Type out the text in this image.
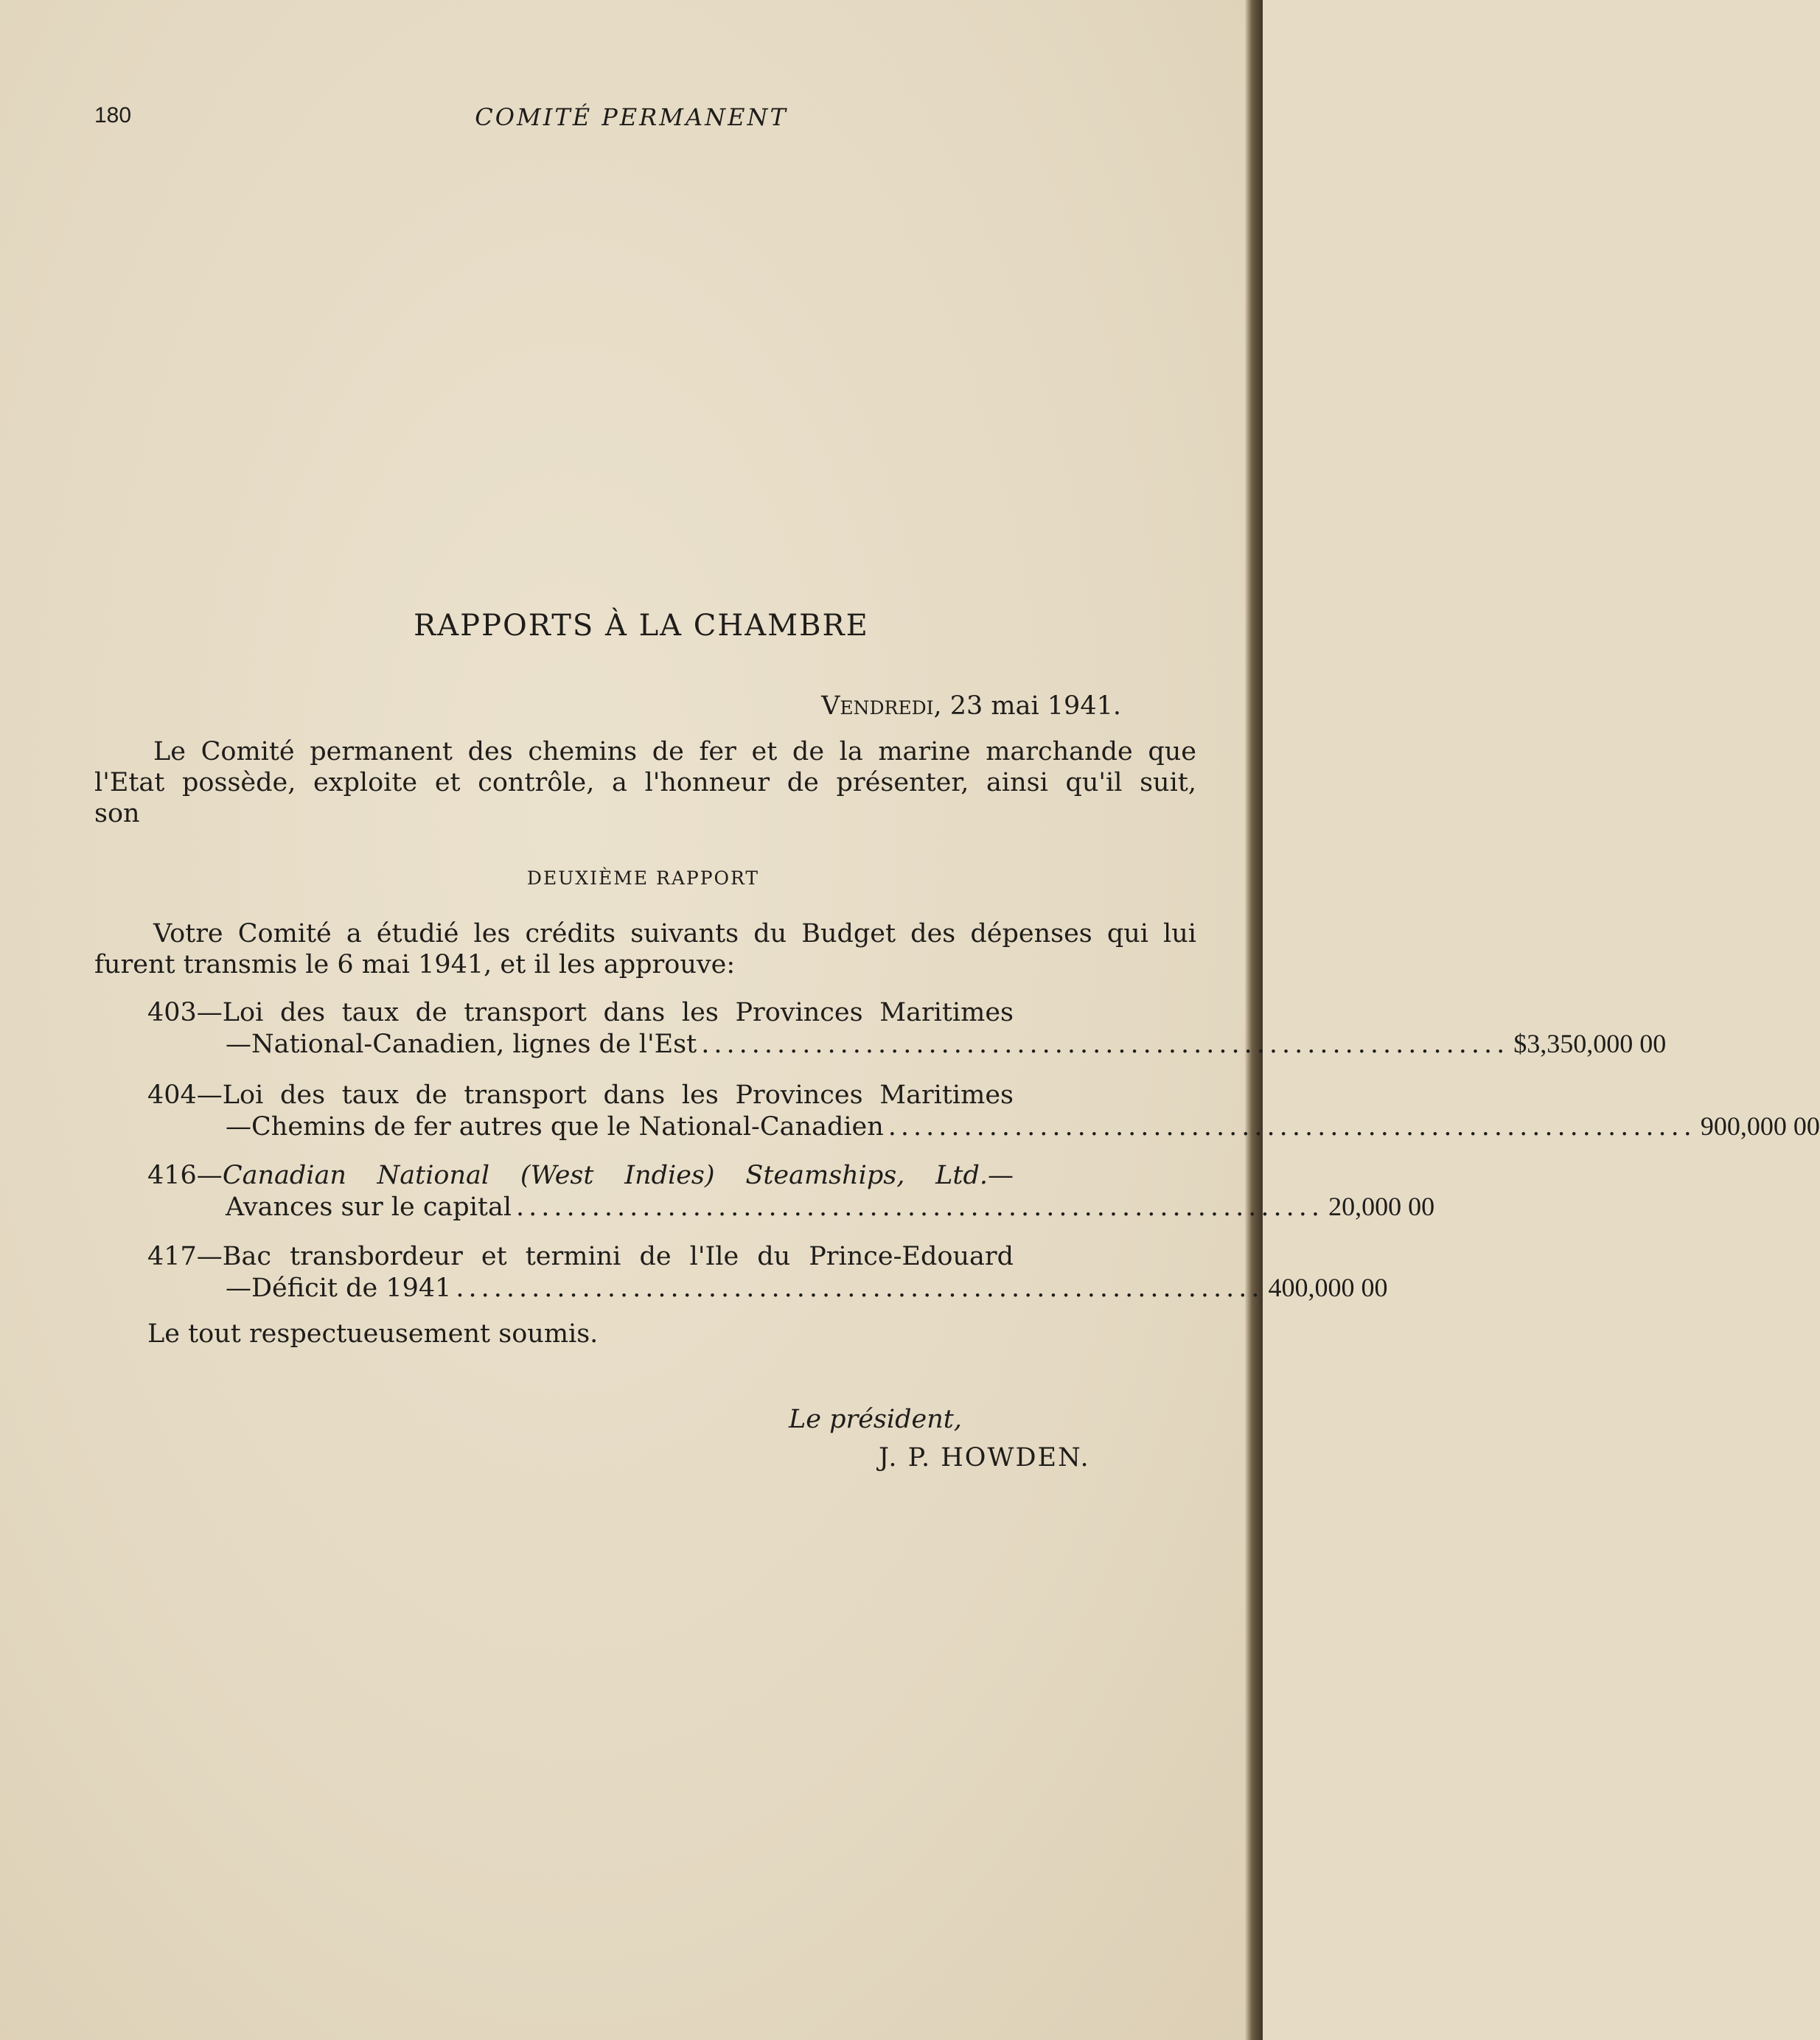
180	COMITÉ PERMANENT
RAPPORTS À LA CHAMBRE
Vendredi, 23 mai 1941.
Le Comité permanent des chemins de fer et de la marine marchande que
l'Etat possède, exploite et contrôle, a l'honneur de présenter, ainsi qu'il suit,
son
DEUXIÈME RAPPORT
Votre Comité a étudié les crédits suivants du Budget des dépenses qui lui
furent transmis le 6 mai 1941, et il les approuve:
403—Loi des taux de transport dans les Provinces Maritimes
—National-Canadien, lignes de l'Est ................................................................ $3,350,000 00
404—Loi des taux de transport dans les Provinces Maritimes
—Chemins de fer autres que le National-Canadien ................................................................ 900,000 00
416—Canadian National (West Indies) Steamships, Ltd.—
Avances sur le capital ................................................................ 20,000 00
417—Bac transbordeur et termini de l'Ile du Prince-Edouard
—Déficit de 1941 ................................................................ 400,000 00
Le tout respectueusement soumis.
Le président,
J. P. HOWDEN.
